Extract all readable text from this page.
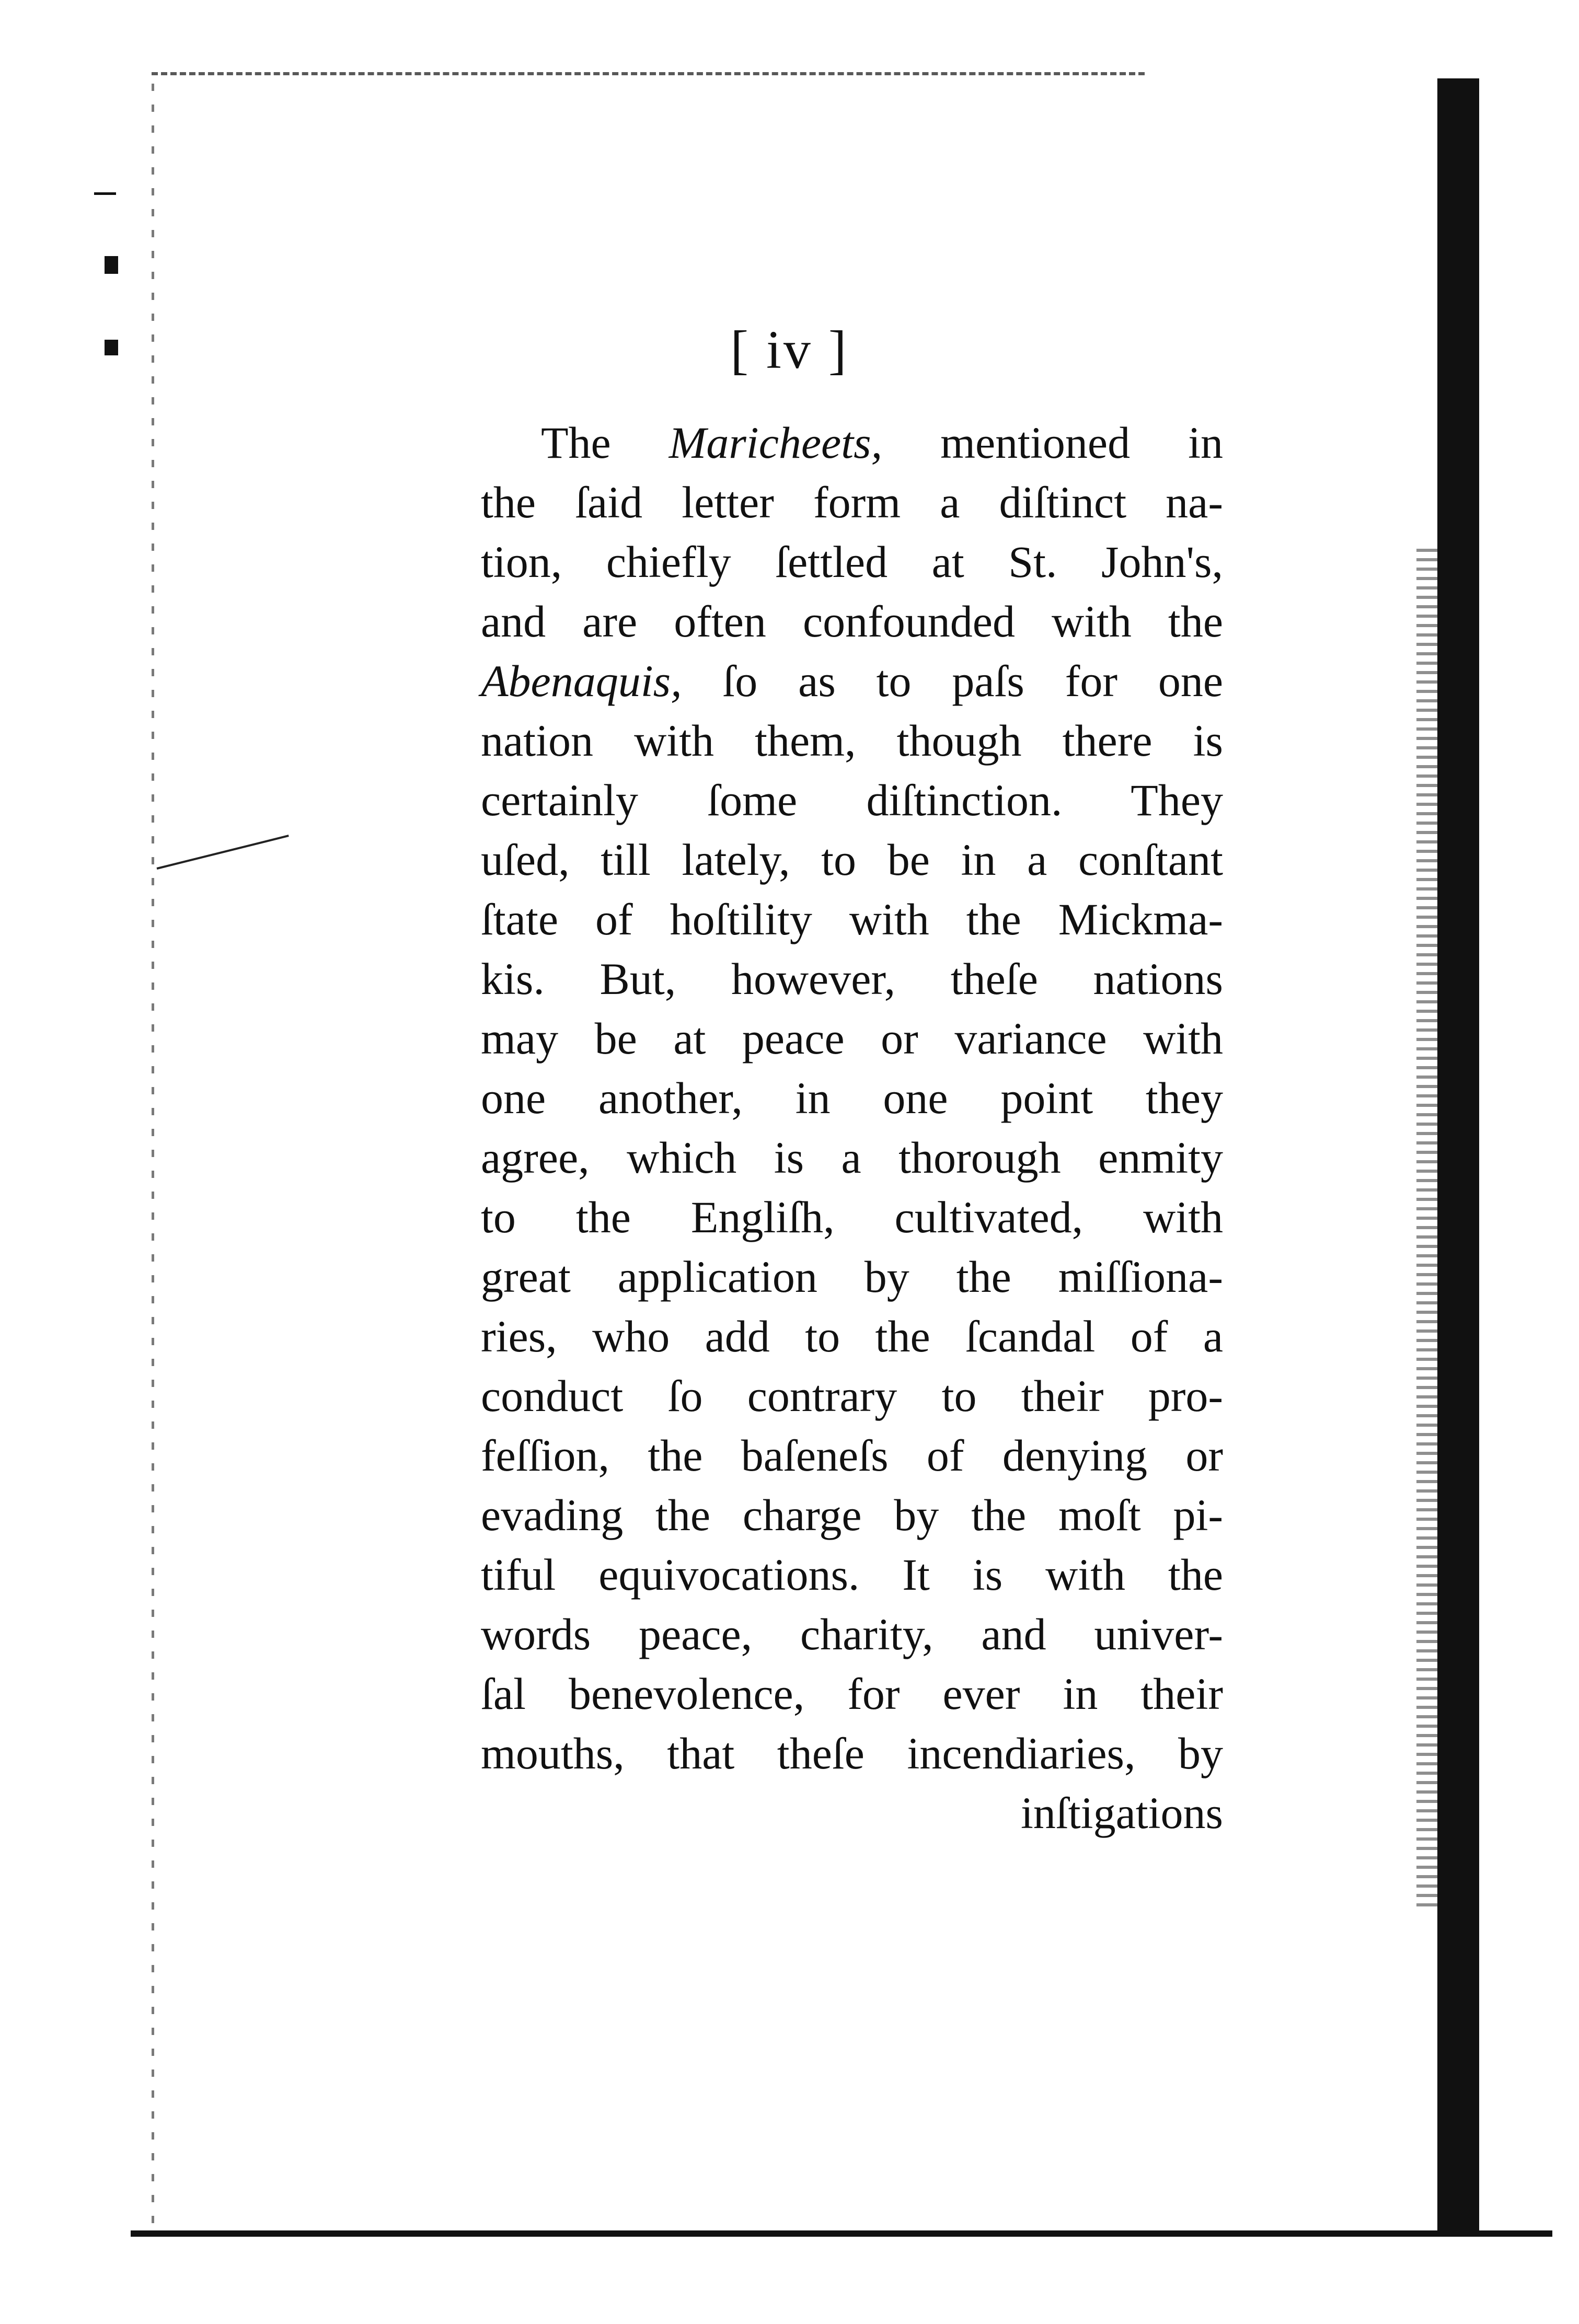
[ iv ]
The Maricheets, mentioned in
the ſaid letter form a diſtinct na-
tion, chiefly ſettled at St. John's,
and are often confounded with the
Abenaquis, ſo as to paſs for one
nation with them, though there is
certainly ſome diſtinction. They
uſed, till lately, to be in a conſtant
ſtate of hoſtility with the Mickma-
kis. But, however, theſe nations
may be at peace or variance with
one another, in one point they
agree, which is a thorough enmity
to the Engliſh, cultivated, with
great application by the miſſiona-
ries, who add to the ſcandal of a
conduct ſo contrary to their pro-
feſſion, the baſeneſs of denying or
evading the charge by the moſt pi-
tiful equivocations. It is with the
words peace, charity, and univer-
ſal benevolence, for ever in their
mouths, that theſe incendiaries, by
inſtigations
